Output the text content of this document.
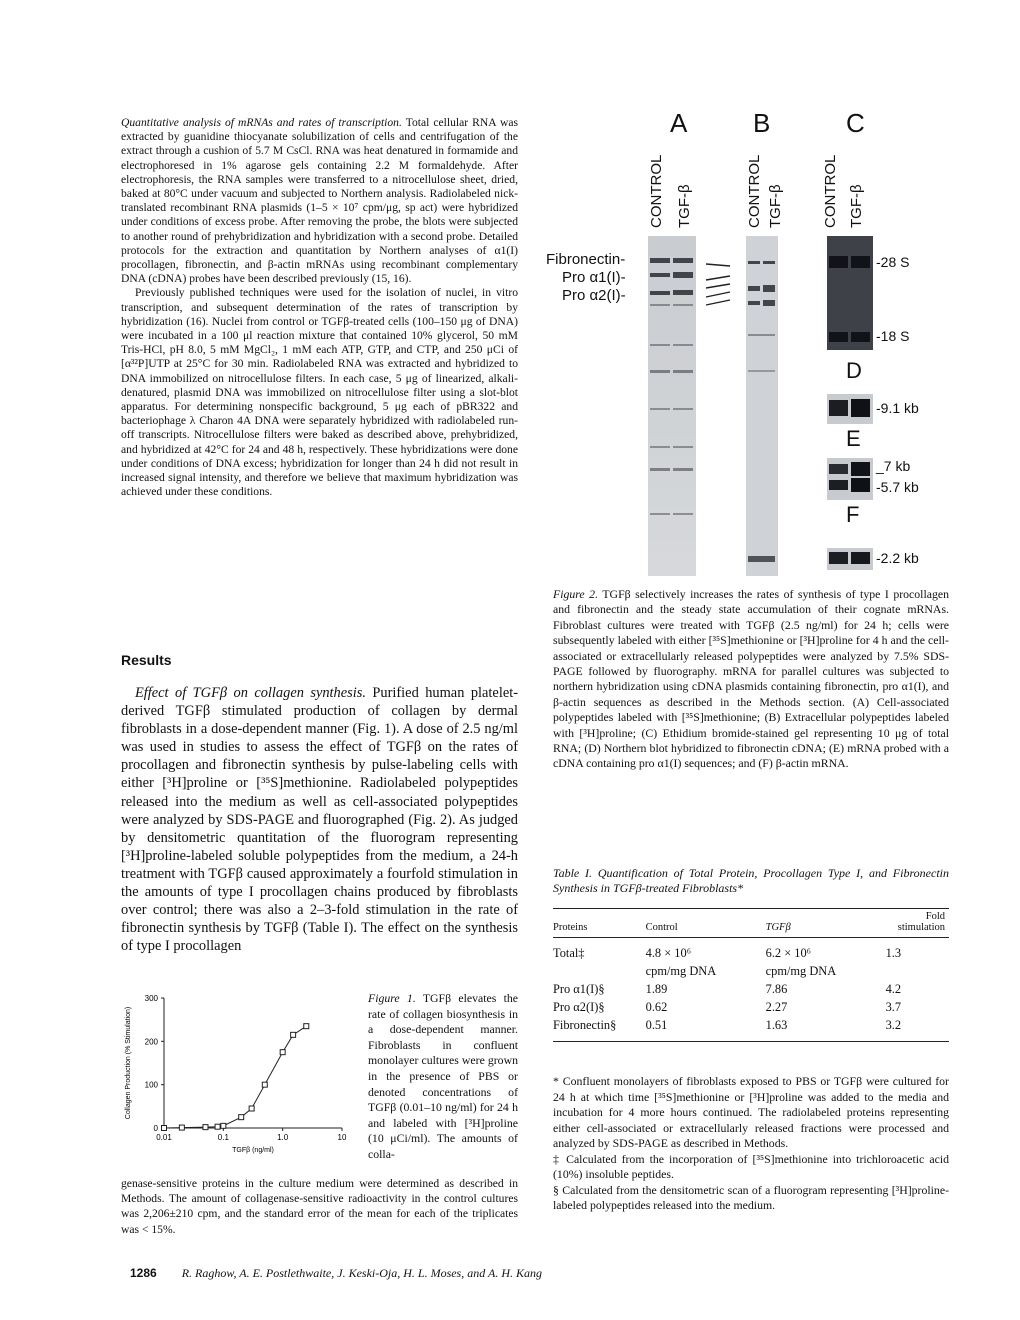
Quantitative analysis of mRNAs and rates of transcription. Total cellular RNA was extracted by guanidine thiocyanate solubilization of cells and centrifugation of the extract through a cushion of 5.7 M CsCl. RNA was heat denatured in formamide and electrophoresed in 1% agarose gels containing 2.2 M formaldehyde. After electrophoresis, the RNA samples were transferred to a nitrocellulose sheet, dried, baked at 80°C under vacuum and subjected to Northern analysis. Radiolabeled nick-translated recombinant RNA plasmids (1–5 × 10⁷ cpm/μg, sp act) were hybridized under conditions of excess probe. After removing the probe, the blots were subjected to another round of prehybridization and hybridization with a second probe. Detailed protocols for the extraction and quantitation by Northern analyses of α1(I) procollagen, fibronectin, and β-actin mRNAs using recombinant complementary DNA (cDNA) probes have been described previously (15, 16).

Previously published techniques were used for the isolation of nuclei, in vitro transcription, and subsequent determination of the rates of transcription by hybridization (16). Nuclei from control or TGFβ-treated cells (100–150 μg of DNA) were incubated in a 100 μl reaction mixture that contained 10% glycerol, 50 mM Tris-HCl, pH 8.0, 5 mM MgCl₂, 1 mM each ATP, GTP, and CTP, and 250 μCi of [α³²P]UTP at 25°C for 30 min. Radiolabeled RNA was extracted and hybridized to DNA immobilized on nitrocellulose filters. In each case, 5 μg of linearized, alkali-denatured, plasmid DNA was immobilized on nitrocellulose filter using a slot-blot apparatus. For determining nonspecific background, 5 μg each of pBR322 and bacteriophage λ Charon 4A DNA were separately hybridized with radiolabeled run-off transcripts. Nitrocellulose filters were baked as described above, prehybridized, and hybridized at 42°C for 24 and 48 h, respectively. These hybridizations were done under conditions of DNA excess; hybridization for longer than 24 h did not result in increased signal intensity, and therefore we believe that maximum hybridization was achieved under these conditions.

Results

Effect of TGFβ on collagen synthesis. Purified human platelet-derived TGFβ stimulated production of collagen by dermal fibroblasts in a dose-dependent manner (Fig. 1). A dose of 2.5 ng/ml was used in studies to assess the effect of TGFβ on the rates of procollagen and fibronectin synthesis by pulse-labeling cells with either [³H]proline or [³⁵S]methionine. Radiolabeled polypeptides released into the medium as well as cell-associated polypeptides were analyzed by SDS-PAGE and fluorographed (Fig. 2). As judged by densitometric quantitation of the fluorogram representing [³H]proline-labeled soluble polypeptides from the medium, a 24-h treatment with TGFβ caused approximately a fourfold stimulation in the amounts of type I procollagen chains produced by fibroblasts over control; there was also a 2–3-fold stimulation in the rate of fibronectin synthesis by TGFβ (Table I). The effect on the synthesis of type I procollagen

0
100
200
300
0.01	0.1	1.0	10
TGFβ (ng/ml)
Collagen Production (% Stimulation)

Figure 1. TGFβ elevates the rate of collagen biosynthesis in a dose-dependent manner. Fibroblasts in confluent monolayer cultures were grown in the presence of PBS or denoted concentrations of TGFβ (0.01–10 ng/ml) for 24 h and labeled with [³H]proline (10 μCi/ml). The amounts of colla-

genase-sensitive proteins in the culture medium were determined as described in Methods. The amount of collagenase-sensitive radioactivity in the control cultures was 2,206±210 cpm, and the standard error of the mean for each of the triplicates was < 15%.

A	B	C
CONTROL TGF-β	CONTROL TGF-β	CONTROL TGF-β
Fibronectin-
Pro α1(I)-
Pro α2(I)-
D
E
F
-28 S
-18 S
-9.1 kb
_7 kb
-5.7 kb
-2.2 kb

Figure 2. TGFβ selectively increases the rates of synthesis of type I procollagen and fibronectin and the steady state accumulation of their cognate mRNAs. Fibroblast cultures were treated with TGFβ (2.5 ng/ml) for 24 h; cells were subsequently labeled with either [³⁵S]methionine or [³H]proline for 4 h and the cell-associated or extracellularly released polypeptides were analyzed by 7.5% SDS-PAGE followed by fluorography. mRNA for parallel cultures was subjected to northern hybridization using cDNA plasmids containing fibronectin, pro α1(I), and β-actin sequences as described in the Methods section. (A) Cell-associated polypeptides labeled with [³⁵S]methionine; (B) Extracellular polypeptides labeled with [³H]proline; (C) Ethidium bromide-stained gel representing 10 μg of total RNA; (D) Northern blot hybridized to fibronectin cDNA; (E) mRNA probed with a cDNA containing pro α1(I) sequences; and (F) β-actin mRNA.

Table I. Quantification of Total Protein, Procollagen Type I, and Fibronectin Synthesis in TGFβ-treated Fibroblasts*

Proteins	Control	TGFβ	Fold stimulation
Total‡	4.8 × 10⁶	6.2 × 10⁶	1.3
	cpm/mg DNA	cpm/mg DNA	
Pro α1(I)§	1.89	7.86	4.2
Pro α2(I)§	0.62	2.27	3.7
Fibronectin§	0.51	1.63	3.2

* Confluent monolayers of fibroblasts exposed to PBS or TGFβ were cultured for 24 h at which time [³⁵S]methionine or [³H]proline was added to the media and incubation for 4 more hours continued. The radiolabeled proteins representing either cell-associated or extracellularly released fractions were processed and analyzed by SDS-PAGE as described in Methods.

‡ Calculated from the incorporation of [³⁵S]methionine into trichloroacetic acid (10%) insoluble peptides.

§ Calculated from the densitometric scan of a fluorogram representing [³H]proline-labeled polypeptides released into the medium.

1286 R. Raghow, A. E. Postlethwaite, J. Keski-Oja, H. L. Moses, and A. H. Kang
